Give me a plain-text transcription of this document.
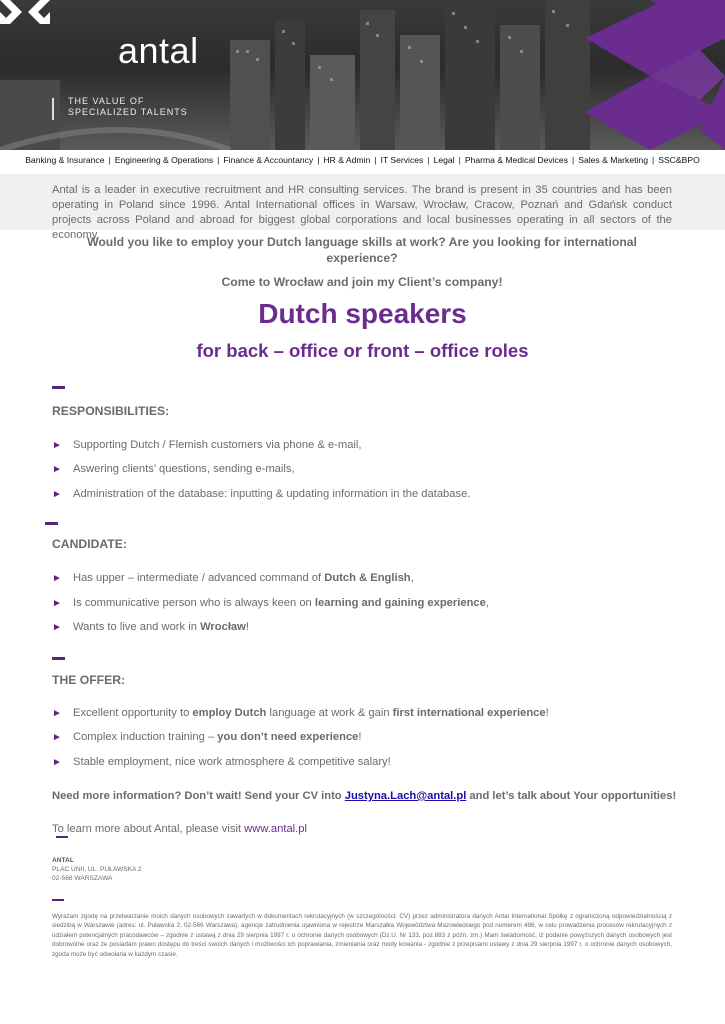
antal
THE VALUE OF
SPECIALIZED TALENTS
Banking & Insurance | Engineering & Operations | Finance & Accountancy | HR & Admin | IT Services | Legal | Pharma & Medical Devices | Sales & Marketing | SSC&BPO

Antal is a leader in executive recruitment and HR consulting services. The brand is present in 35 countries and has been operating in Poland since 1996. Antal International offices in Warsaw, Wrocław, Cracow, Poznań and Gdańsk conduct projects across Poland and abroad for biggest global corporations and local businesses operating in all sectors of the economy.

Would you like to employ your Dutch language skills at work? Are you looking for international experience?
Come to Wrocław and join my Client’s company!
Dutch speakers
for back – office or front – office roles
RESPONSIBILITIES:
► Supporting Dutch / Flemish customers via phone & e-mail,
► Aswering clients’ questions, sending e-mails,
► Administration of the database: inputting & updating information in the database.
CANDIDATE:
► Has upper – intermediate / advanced command of Dutch & English,
► Is communicative person who is always keen on learning and gaining experience,
► Wants to live and work in Wrocław!
THE OFFER:
► Excellent opportunity to employ Dutch language at work & gain first international experience!
► Complex induction training – you don’t need experience!
► Stable employment, nice work atmosphere & competitive salary!
Need more information? Don’t wait! Send your CV into Justyna.Lach@antal.pl and let’s talk about Your opportunities!
To learn more about Antal, please visit www.antal.pl
ANTAL
PLAC UNII, UL. PUŁAWSKA 2
02-566 WARSZAWA
Wyrażam zgodę na przetwarzanie moich danych osobowych zawartych w dokumentach rekrutacyjnych (w szczególności: CV) przez administratora danych Antal International Spółkę z ograniczoną odpowiedzialnością z siedzibą w Warszawie (adres: ul. Puławska 2, 02-566 Warszawa), agencje zatrudnienia ujawniona w rejestrze Marszałka Województwa Mazowieckiego pod numerem 496, w celu prowadzenia procesów rekrutacyjnych z udziałem potencjalnych pracodawców – zgodnie z ustawą z dnia 29 sierpnia 1997 r. o ochronie danych osobowych (Dz.U. Nr 133, poz.883 z późn. zm.) Mam świadomość, iż podanie powyższych danych osobowych jest dobrowolne oraz że posiadam prawo dostępu do treści swoich danych i możliwości ich poprawiania, zmieniania oraz mody kowania - zgodnie z przepisami ustawy z dnia 29 sierpnia 1997 r. o ochronie danych osobowych, zgoda może być odwołana w każdym czasie.
